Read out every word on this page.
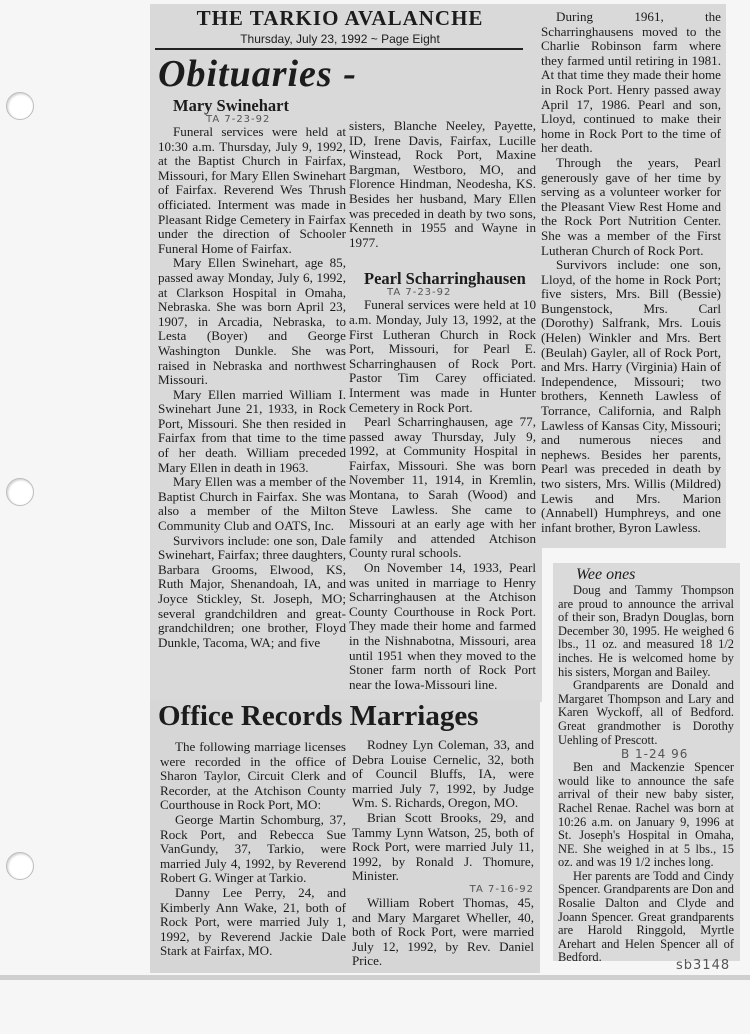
THE TARKIO AVALANCHE
Thursday, July 23, 1992 ~ Page Eight
Obituaries -

Mary Swinehart

TA 7-23-92

Funeral services were held at 10:30 a.m. Thursday, July 9, 1992, at the Baptist Church in Fairfax, Missouri, for Mary Ellen Swinehart of Fairfax. Reverend Wes Thrush officiated. Interment was made in Pleasant Ridge Cemetery in Fairfax under the direction of Schooler Funeral Home of Fairfax.

Mary Ellen Swinehart, age 85, passed away Monday, July 6, 1992, at Clarkson Hospital in Omaha, Nebraska. She was born April 23, 1907, in Arcadia, Nebraska, to Lesta (Boyer) and George Washington Dunkle. She was raised in Nebraska and northwest Missouri.

Mary Ellen married William I. Swinehart June 21, 1933, in Rock Port, Missouri. She then resided in Fairfax from that time to the time of her death. William preceded Mary Ellen in death in 1963.

Mary Ellen was a member of the Baptist Church in Fairfax. She was also a member of the Milton Community Club and OATS, Inc.

Survivors include: one son, Dale Swinehart, Fairfax; three daughters, Barbara Grooms, Elwood, KS, Ruth Major, Shenandoah, IA, and Joyce Stickley, St. Joseph, MO; several grandchildren and great-grandchildren; one brother, Floyd Dunkle, Tacoma, WA; and five

sisters, Blanche Neeley, Payette, ID, Irene Davis, Fairfax, Lucille Winstead, Rock Port, Maxine Bargman, Westboro, MO, and Florence Hindman, Neodesha, KS. Besides her husband, Mary Ellen was preceded in death by two sons, Kenneth in 1955 and Wayne in 1977.

Pearl Scharringhausen

TA 7-23-92

Funeral services were held at 10 a.m. Monday, July 13, 1992, at the First Lutheran Church in Rock Port, Missouri, for Pearl E. Scharringhausen of Rock Port. Pastor Tim Carey officiated. Interment was made in Hunter Cemetery in Rock Port.

Pearl Scharringhausen, age 77, passed away Thursday, July 9, 1992, at Community Hospital in Fairfax, Missouri. She was born November 11, 1914, in Kremlin, Montana, to Sarah (Wood) and Steve Lawless. She came to Missouri at an early age with her family and attended Atchison County rural schools.

On November 14, 1933, Pearl was united in marriage to Henry Scharringhausen at the Atchison County Courthouse in Rock Port. They made their home and farmed in the Nishnabotna, Missouri, area until 1951 when they moved to the Stoner farm north of Rock Port near the Iowa-Missouri line.

During 1961, the Scharringhausens moved to the Charlie Robinson farm where they farmed until retiring in 1981. At that time they made their home in Rock Port. Henry passed away April 17, 1986. Pearl and son, Lloyd, continued to make their home in Rock Port to the time of her death.

Through the years, Pearl generously gave of her time by serving as a volunteer worker for the Pleasant View Rest Home and the Rock Port Nutrition Center. She was a member of the First Lutheran Church of Rock Port.

Survivors include: one son, Lloyd, of the home in Rock Port; five sisters, Mrs. Bill (Bessie) Bungenstock, Mrs. Carl (Dorothy) Salfrank, Mrs. Louis (Helen) Winkler and Mrs. Bert (Beulah) Gayler, all of Rock Port, and Mrs. Harry (Virginia) Hain of Independence, Missouri; two brothers, Kenneth Lawless of Torrance, California, and Ralph Lawless of Kansas City, Missouri; and numerous nieces and nephews. Besides her parents, Pearl was preceded in death by two sisters, Mrs. Willis (Mildred) Lewis and Mrs. Marion (Annabell) Humphreys, and one infant brother, Byron Lawless.

Office Records Marriages

The following marriage licenses were recorded in the office of Sharon Taylor, Circuit Clerk and Recorder, at the Atchison County Courthouse in Rock Port, MO:

George Martin Schomburg, 37, Rock Port, and Rebecca Sue VanGundy, 37, Tarkio, were married July 4, 1992, by Reverend Robert G. Winger at Tarkio.

Danny Lee Perry, 24, and Kimberly Ann Wake, 21, both of Rock Port, were married July 1, 1992, by Reverend Jackie Dale Stark at Fairfax, MO.

Rodney Lyn Coleman, 33, and Debra Louise Cernelic, 32, both of Council Bluffs, IA, were married July 7, 1992, by Judge Wm. S. Richards, Oregon, MO.

Brian Scott Brooks, 29, and Tammy Lynn Watson, 25, both of Rock Port, were married July 11, 1992, by Ronald J. Thomure, Minister.

TA 7-16-92

William Robert Thomas, 45, and Mary Margaret Wheller, 40, both of Rock Port, were married July 12, 1992, by Rev. Daniel Price.

Wee ones

Doug and Tammy Thompson are proud to announce the arrival of their son, Bradyn Douglas, born December 30, 1995. He weighed 6 lbs., 11 oz. and measured 18 1/2 inches. He is welcomed home by his sisters, Morgan and Bailey.

Grandparents are Donald and Margaret Thompson and Lary and Karen Wyckoff, all of Bedford. Great grandmother is Dorothy Uehling of Prescott.

B 1-24 96

Ben and Mackenzie Spencer would like to announce the safe arrival of their new baby sister, Rachel Renae. Rachel was born at 10:26 a.m. on January 9, 1996 at St. Joseph's Hospital in Omaha, NE. She weighed in at 5 lbs., 15 oz. and was 19 1/2 inches long.

Her parents are Todd and Cindy Spencer. Grandparents are Don and Rosalie Dalton and Clyde and Joann Spencer. Great grandparents are Harold Ringgold, Myrtle Arehart and Helen Spencer all of Bedford.

sb3148
